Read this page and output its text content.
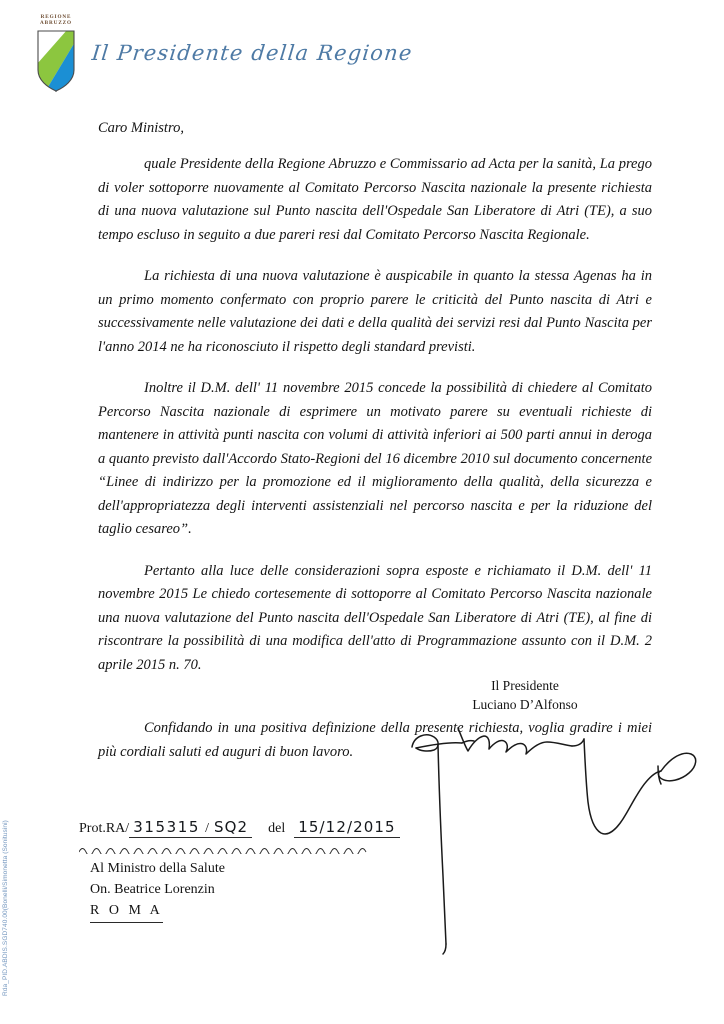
REGIONE
ABRUZZO
Il Presidente della Regione
Caro Ministro,

quale Presidente della Regione Abruzzo e Commissario ad Acta per la sanità, La prego di voler sottoporre nuovamente al Comitato Percorso Nascita nazionale la presente richiesta di una nuova valutazione sul Punto nascita dell'Ospedale San Liberatore di Atri (TE), a suo tempo escluso in seguito a due pareri resi dal Comitato Percorso Nascita Regionale.

La richiesta di una nuova valutazione è auspicabile in quanto la stessa Agenas ha in un primo momento confermato con proprio parere le criticità del Punto nascita di Atri e successivamente nelle valutazione dei dati e della qualità dei servizi resi dal Punto Nascita per l'anno 2014 ne ha riconosciuto il rispetto degli standard previsti.

Inoltre il D.M. dell' 11 novembre 2015 concede la possibilità di chiedere al Comitato Percorso Nascita nazionale di esprimere un motivato parere su eventuali richieste di mantenere in attività punti nascita con volumi di attività inferiori ai 500 parti annui in deroga a quanto previsto dall'Accordo Stato-Regioni del 16 dicembre 2010 sul documento concernente “Linee di indirizzo per la promozione ed il miglioramento della qualità, della sicurezza e dell'appropriatezza degli interventi assistenziali nel percorso nascita e per la riduzione del taglio cesareo”.

Pertanto alla luce delle considerazioni sopra esposte e richiamato il D.M. dell' 11 novembre 2015 Le chiedo cortesemente di sottoporre al Comitato Percorso Nascita nazionale una nuova valutazione del Punto nascita dell'Ospedale San Liberatore di Atri (TE), al fine di riscontrare la possibilità di una modifica dell'atto di Programmazione assunto con il D.M. 2 aprile 2015 n. 70.

Confidando in una positiva definizione della presente richiesta, voglia gradire i miei più cordiali saluti ed auguri di buon lavoro.

Il Presidente
Luciano D’Alfonso
Prot.RA/ 315315 / SQ2	del 15/12/2015
Al Ministro della Salute
On. Beatrice Lorenzin
R O M A
Rda_PID.ABDIS.SGD740.00(Bonelli/Simonetta (Sonitusini)
